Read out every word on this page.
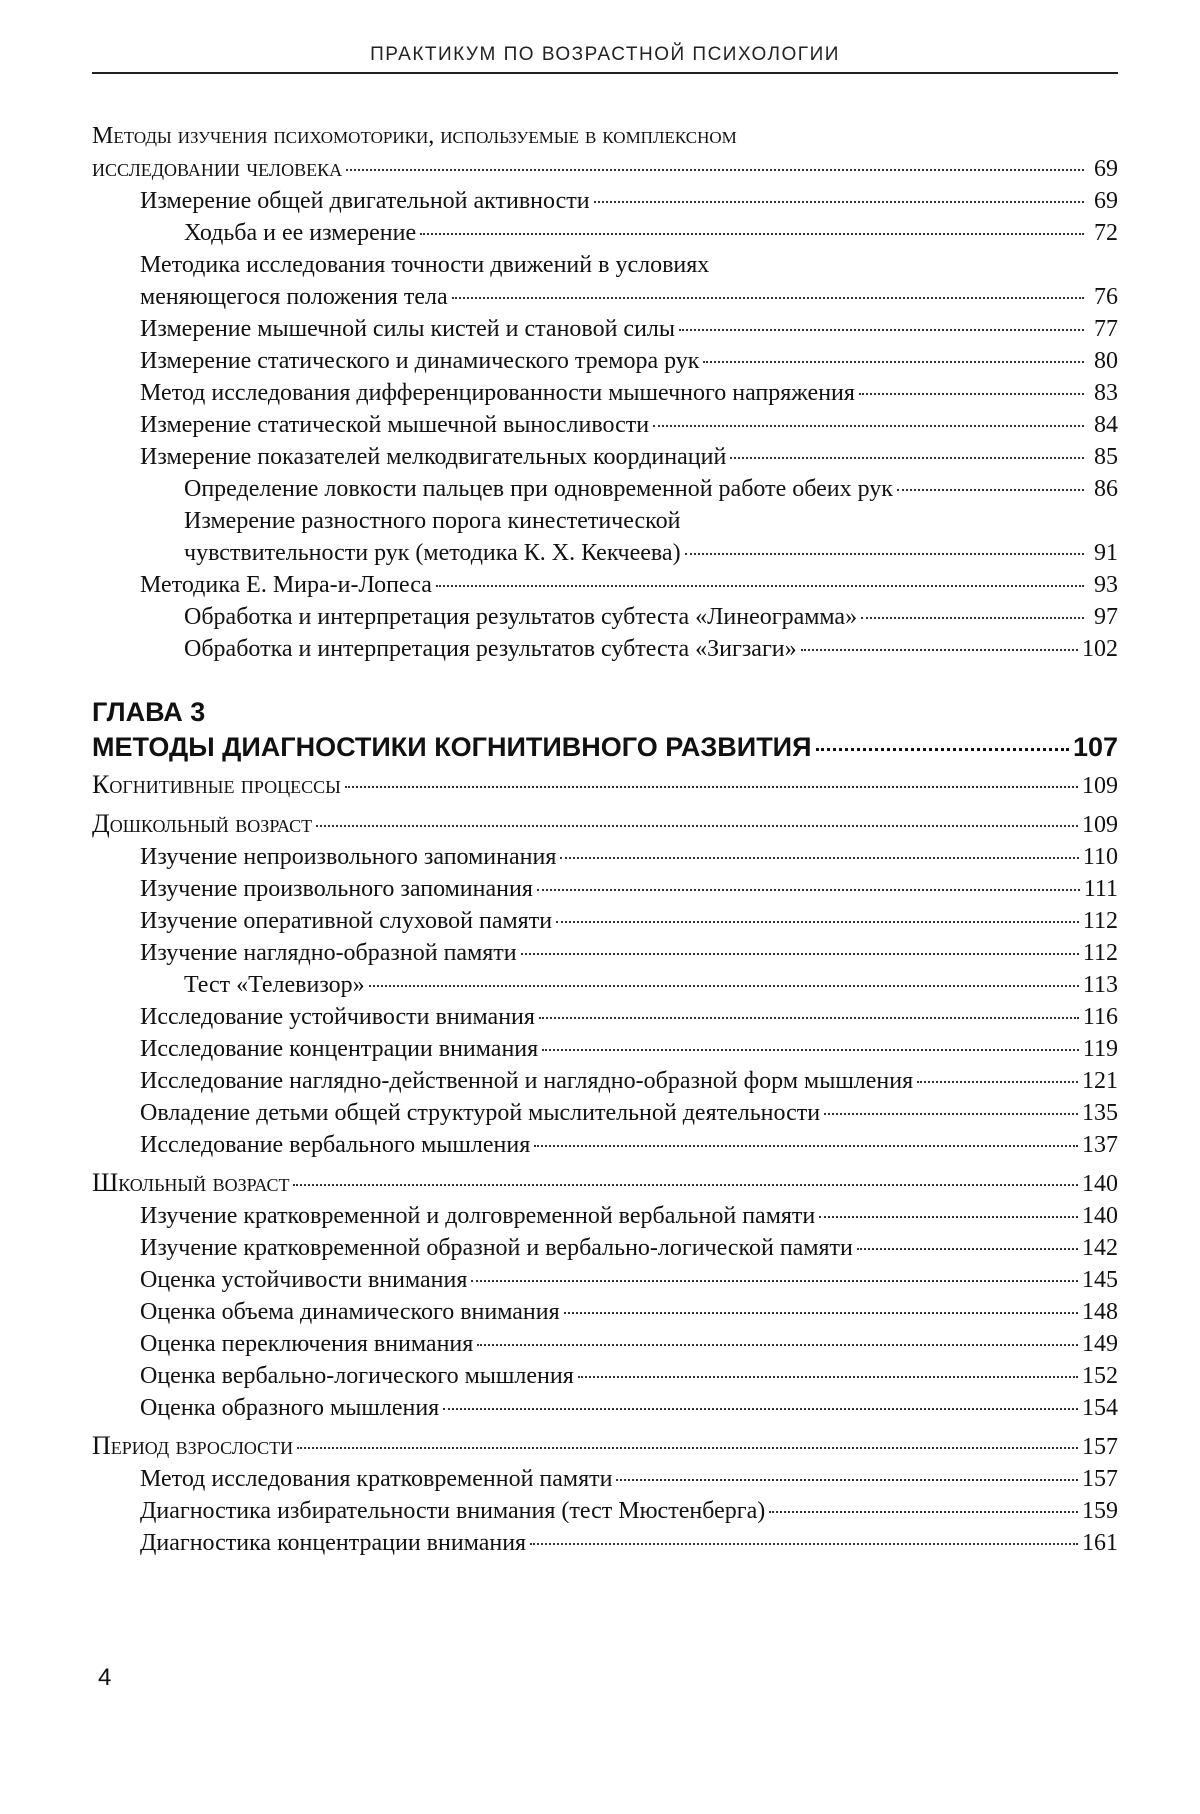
ПРАКТИКУМ ПО ВОЗРАСТНОЙ ПСИХОЛОГИИ
Методы изучения психомоторики, используемые в комплексном
исследовании человека	69
Измерение общей двигательной активности	69
Ходьба и ее измерение	72
Методика исследования точности движений в условиях
меняющегося положения тела	76
Измерение мышечной силы кистей и становой силы	77
Измерение статического и динамического тремора рук	80
Метод исследования дифференцированности мышечного напряжения	83
Измерение статической мышечной выносливости	84
Измерение показателей мелкодвигательных координаций	85
Определение ловкости пальцев при одновременной работе обеих рук	86
Измерение разностного порога кинестетической
чувствительности рук (методика К. Х. Кекчеева)	91
Методика Е. Мира-и-Лопеса	93
Обработка и интерпретация результатов субтеста «Линеограмма»	97
Обработка и интерпретация результатов субтеста «Зигзаги»	102
ГЛАВА 3
МЕТОДЫ ДИАГНОСТИКИ КОГНИТИВНОГО РАЗВИТИЯ	107
Когнитивные процессы	109
Дошкольный возраст	109
Изучение непроизвольного запоминания	110
Изучение произвольного запоминания	111
Изучение оперативной слуховой памяти	112
Изучение наглядно-образной памяти	112
Тест «Телевизор»	113
Исследование устойчивости внимания	116
Исследование концентрации внимания	119
Исследование наглядно-действенной и наглядно-образной форм мышления	121
Овладение детьми общей структурой мыслительной деятельности	135
Исследование вербального мышления	137
Школьный возраст	140
Изучение кратковременной и долговременной вербальной памяти	140
Изучение кратковременной образной и вербально-логической памяти	142
Оценка устойчивости внимания	145
Оценка объема динамического внимания	148
Оценка переключения внимания	149
Оценка вербально-логического мышления	152
Оценка образного мышления	154
Период взрослости	157
Метод исследования кратковременной памяти	157
Диагностика избирательности внимания (тест Мюстенберга)	159
Диагностика концентрации внимания	161
4
